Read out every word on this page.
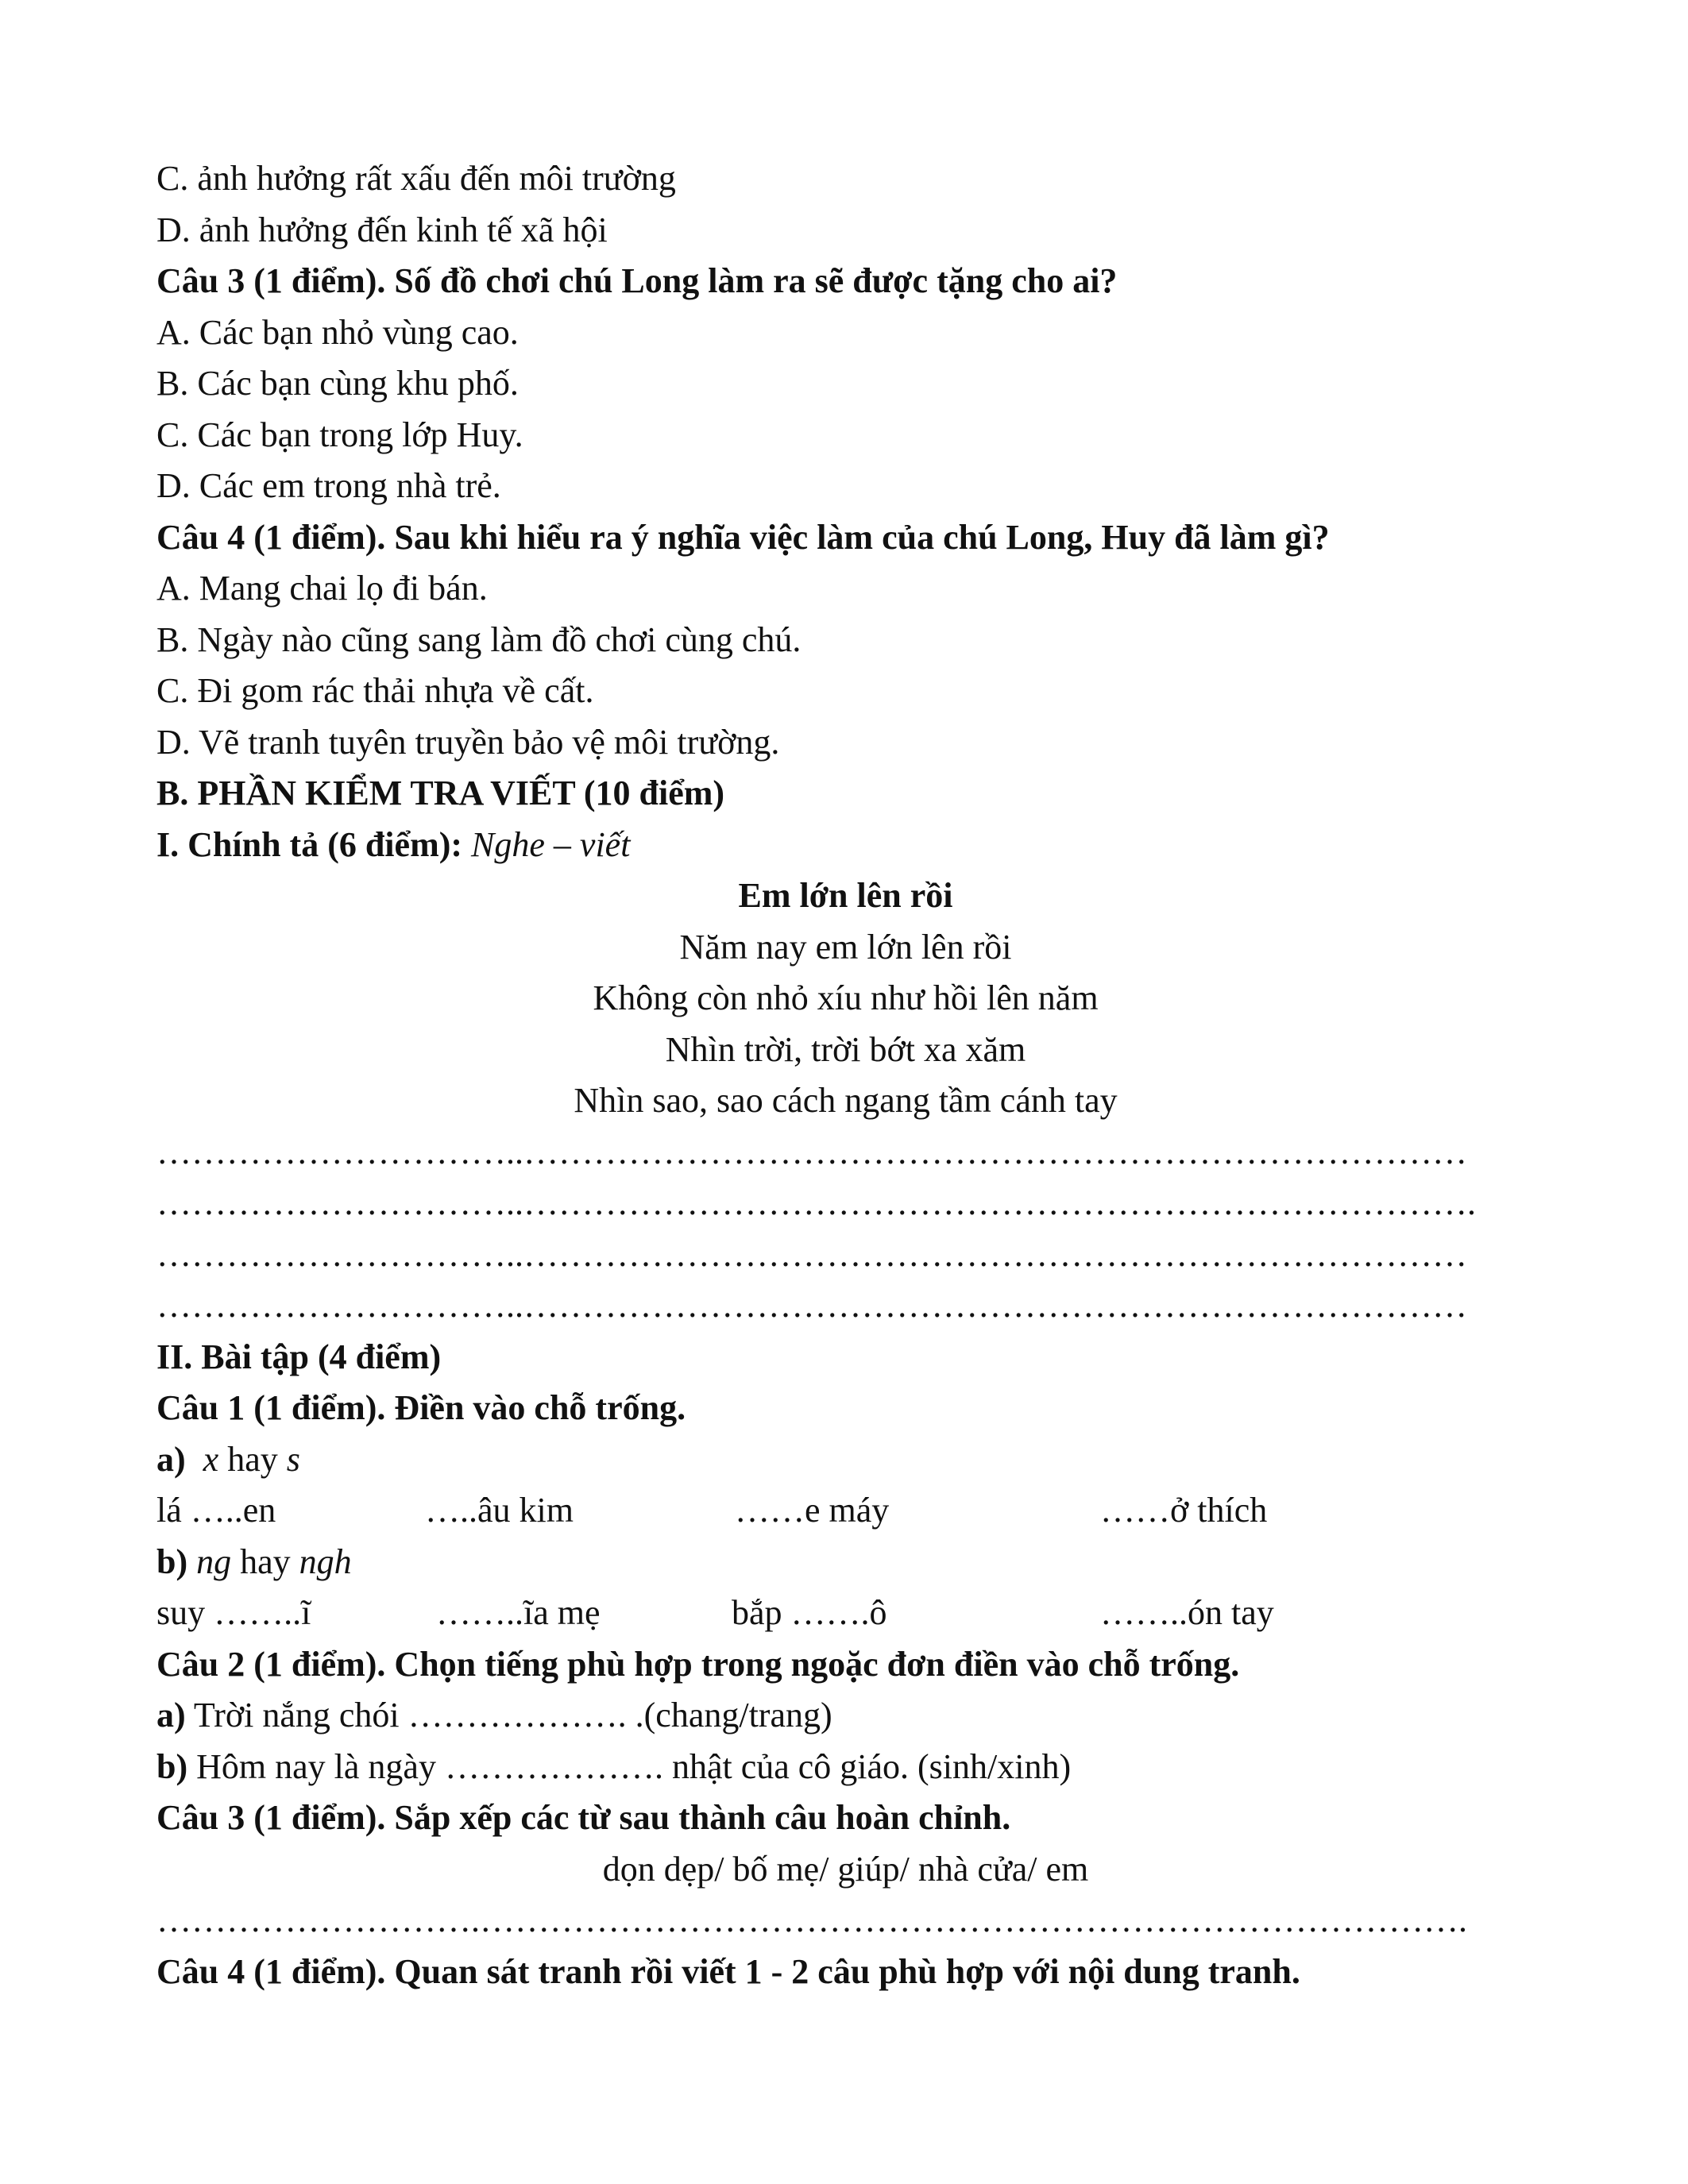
C. ảnh hưởng rất xấu đến môi trường
D. ảnh hưởng đến kinh tế xã hội
Câu 3 (1 điểm). Số đồ chơi chú Long làm ra sẽ được tặng cho ai?
A. Các bạn nhỏ vùng cao.
B. Các bạn cùng khu phố.
C. Các bạn trong lớp Huy.
D. Các em trong nhà trẻ.
Câu 4 (1 điểm). Sau khi hiểu ra ý nghĩa việc làm của chú Long, Huy đã làm gì?
A. Mang chai lọ đi bán.
B. Ngày nào cũng sang làm đồ chơi cùng chú.
C. Đi gom rác thải nhựa về cất.
D. Vẽ tranh tuyên truyền bảo vệ môi trường.
B. PHẦN KIỂM TRA VIẾT (10 điểm)
I. Chính tả (6 điểm): Nghe – viết
Em lớn lên rồi
Năm nay em lớn lên rồi
Không còn nhỏ xíu như hồi lên năm
Nhìn trời, trời bớt xa xăm
Nhìn sao, sao cách ngang tầm cánh tay
…………………………..………………………………………………………………………
…………………………..……………………………………………………………………….
…………………………..………………………………………………………………………
…………………………..………………………………………………………………………
II. Bài tập (4 điểm)
Câu 1 (1 điểm). Điền vào chỗ trống.
a) x hay s
lá …..en	…..âu kim	……e máy	……ở thích
b) ng hay ngh
suy ……..ĩ	……..ĩa mẹ	bắp …….ô	……..ón tay
Câu 2 (1 điểm). Chọn tiếng phù hợp trong ngoặc đơn điền vào chỗ trống.
a) Trời nắng chói ………………. .(chang/trang)
b) Hôm nay là ngày ………………. nhật của cô giáo. (sinh/xinh)
Câu 3 (1 điểm). Sắp xếp các từ sau thành câu hoàn chỉnh.
dọn dẹp/ bố mẹ/ giúp/ nhà cửa/ em
……………………….………………………………………………………………………….
Câu 4 (1 điểm). Quan sát tranh rồi viết 1 - 2 câu phù hợp với nội dung tranh.
